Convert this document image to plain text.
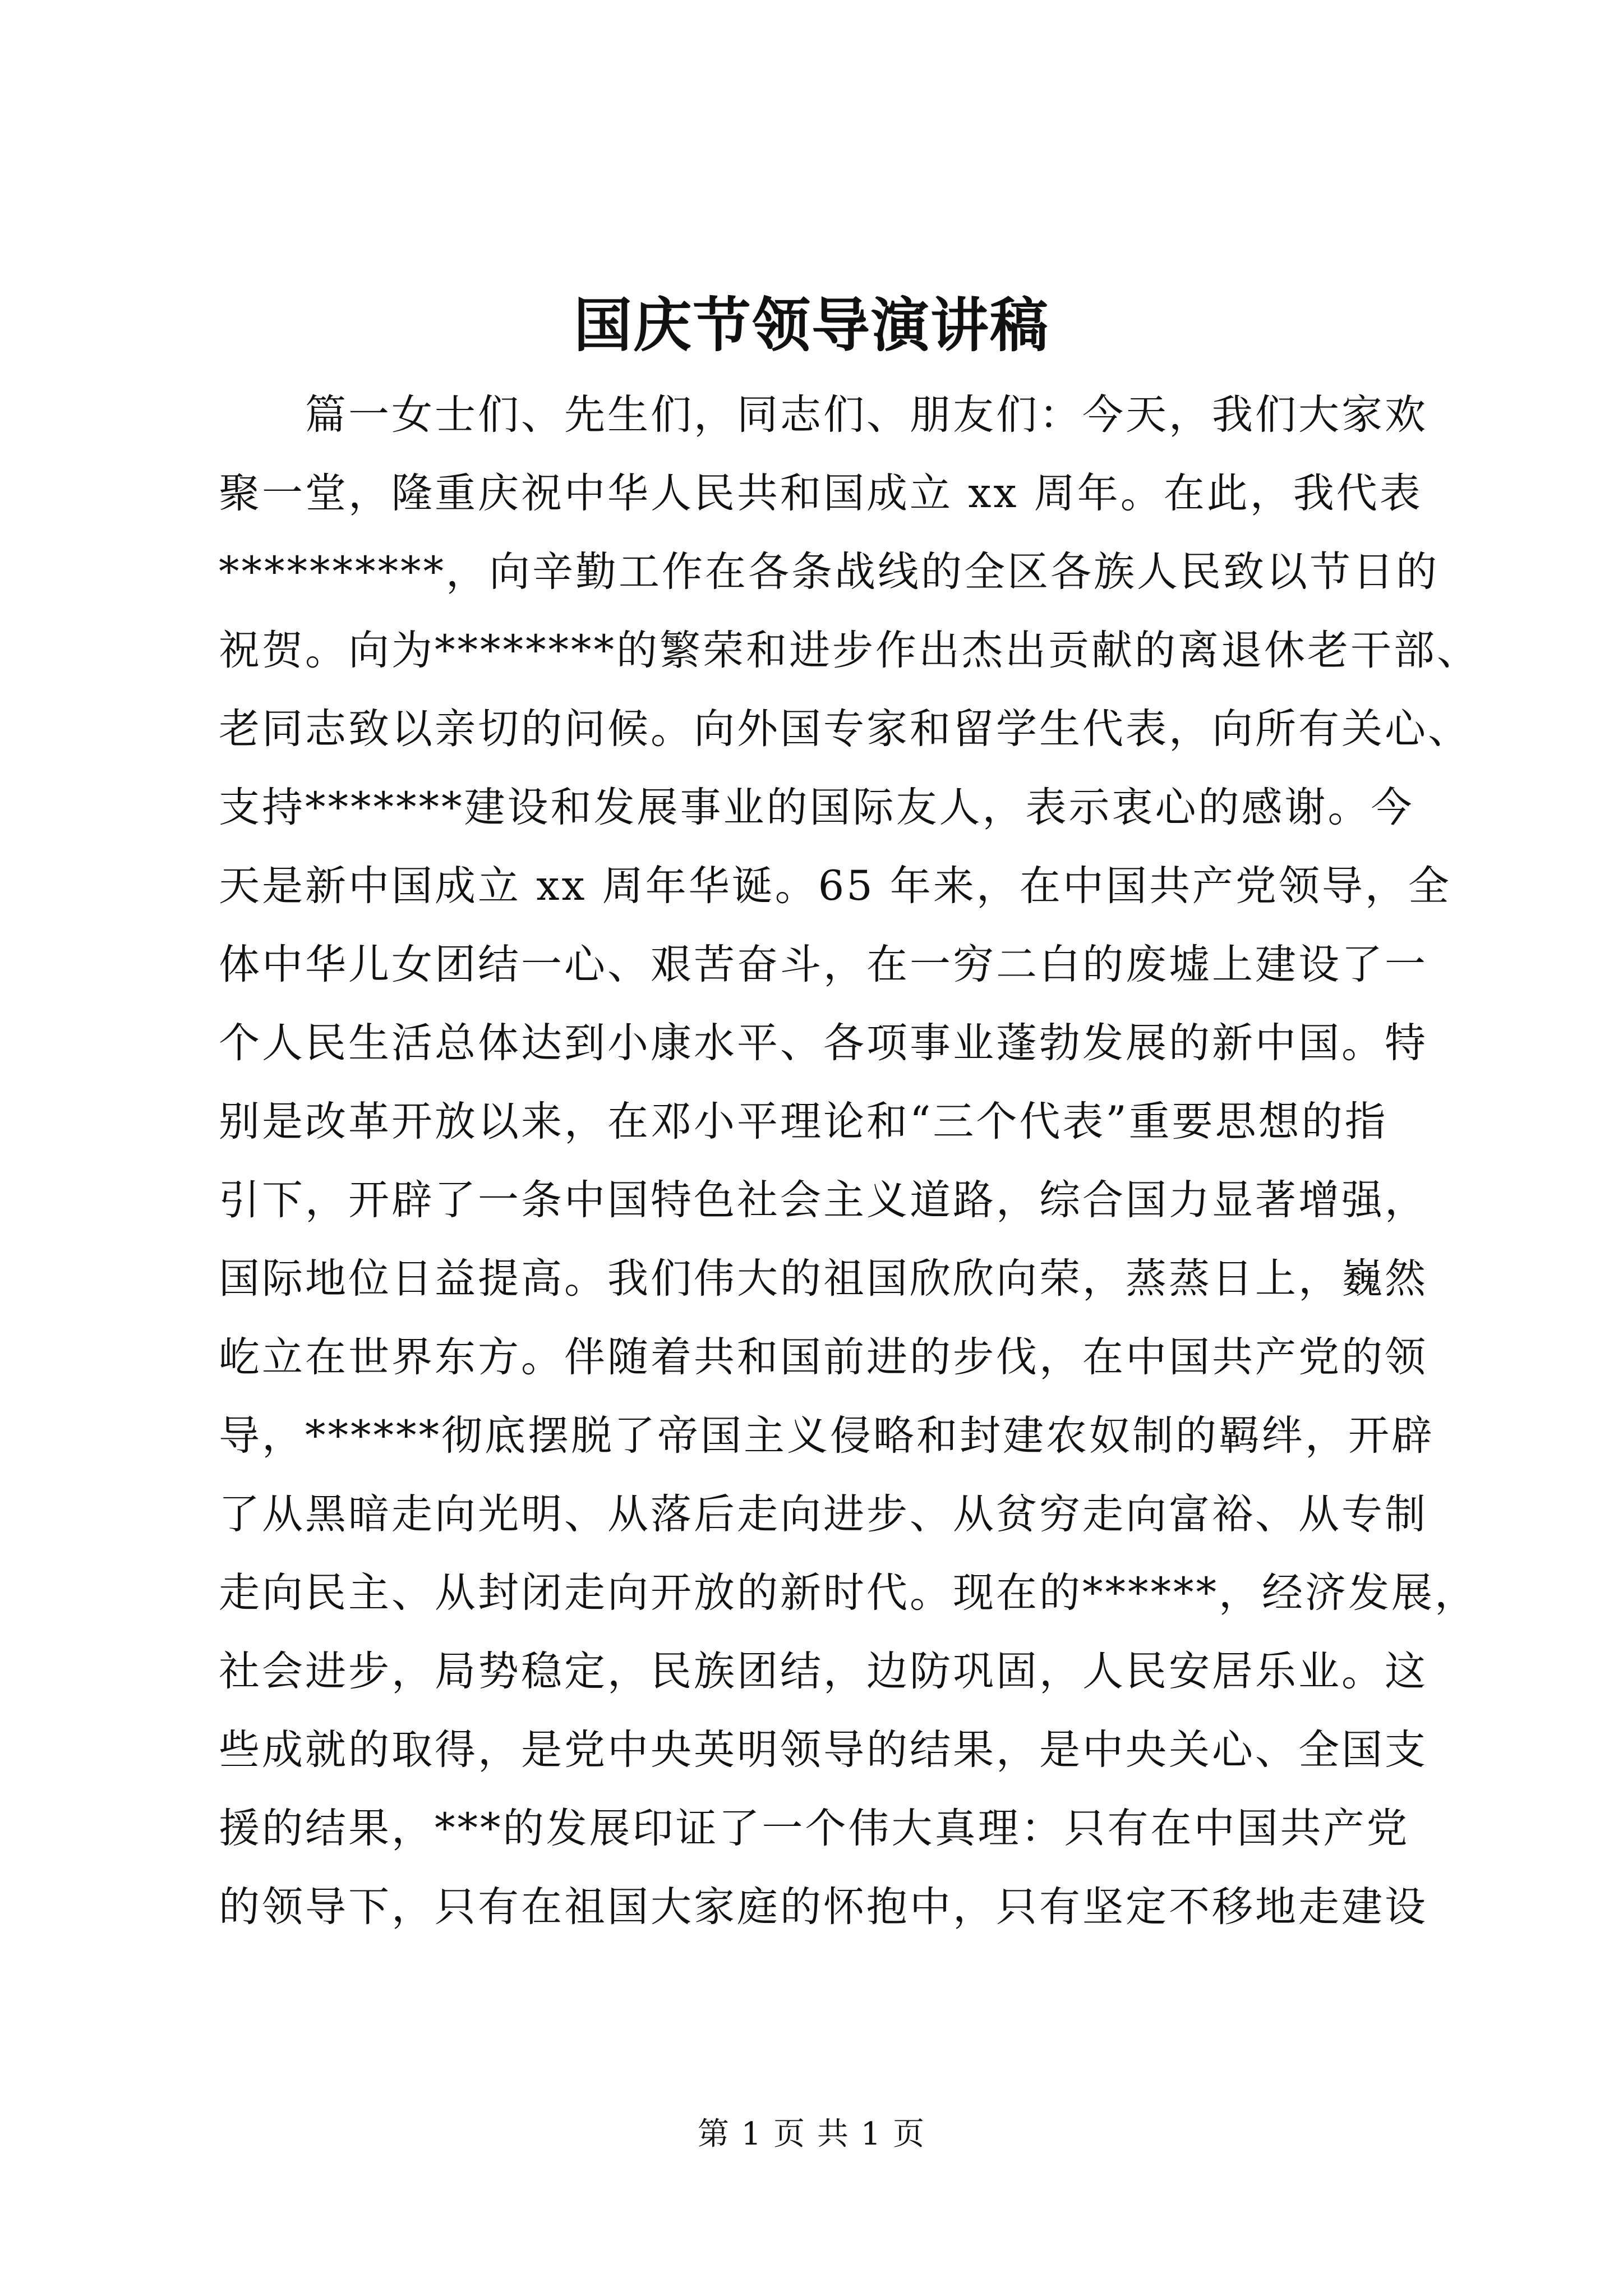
国庆节领导演讲稿
篇一女士们、先生们，同志们、朋友们：今天，我们大家欢
聚一堂，隆重庆祝中华人民共和国成立 xx 周年。在此，我代表
**********，向辛勤工作在各条战线的全区各族人民致以节日的
祝贺。向为********的繁荣和进步作出杰出贡献的离退休老干部、
老同志致以亲切的问候。向外国专家和留学生代表，向所有关心、
支持*******建设和发展事业的国际友人，表示衷心的感谢。今
天是新中国成立 xx 周年华诞。65 年来，在中国共产党领导，全
体中华儿女团结一心、艰苦奋斗，在一穷二白的废墟上建设了一
个人民生活总体达到小康水平、各项事业蓬勃发展的新中国。特
别是改革开放以来，在邓小平理论和“三个代表”重要思想的指
引下，开辟了一条中国特色社会主义道路，综合国力显著增强，
国际地位日益提高。我们伟大的祖国欣欣向荣，蒸蒸日上，巍然
屹立在世界东方。伴随着共和国前进的步伐，在中国共产党的领
导，******彻底摆脱了帝国主义侵略和封建农奴制的羁绊，开辟
了从黑暗走向光明、从落后走向进步、从贫穷走向富裕、从专制
走向民主、从封闭走向开放的新时代。现在的******，经济发展，
社会进步，局势稳定，民族团结，边防巩固，人民安居乐业。这
些成就的取得，是党中央英明领导的结果，是中央关心、全国支
援的结果，***的发展印证了一个伟大真理：只有在中国共产党
的领导下，只有在祖国大家庭的怀抱中，只有坚定不移地走建设
第 1 页 共 1 页
